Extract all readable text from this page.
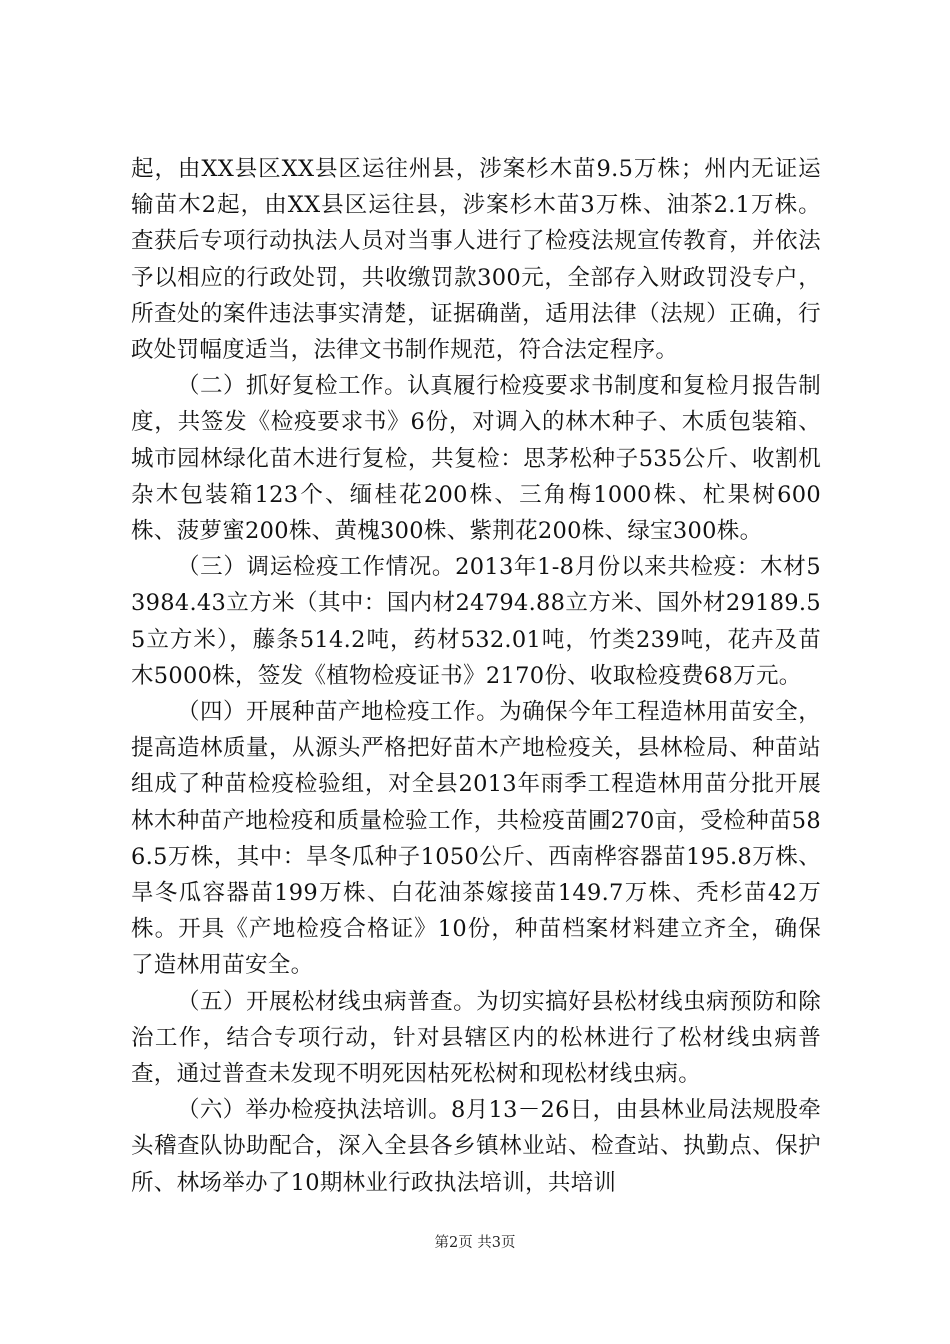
起，由XX县区XX县区运往州县，涉案杉木苗9.5万株；州内无证运输苗木2起，由XX县区运往县，涉案杉木苗3万株、油茶2.1万株。查获后专项行动执法人员对当事人进行了检疫法规宣传教育，并依法予以相应的行政处罚，共收缴罚款300元，全部存入财政罚没专户，所查处的案件违法事实清楚，证据确凿，适用法律（法规）正确，行政处罚幅度适当，法律文书制作规范，符合法定程序。

（二）抓好复检工作。认真履行检疫要求书制度和复检月报告制度，共签发《检疫要求书》6份，对调入的林木种子、木质包装箱、城市园林绿化苗木进行复检，共复检：思茅松种子535公斤、收割机杂木包装箱123个、缅桂花200株、三角梅1000株、杧果树600株、菠萝蜜200株、黄槐300株、紫荆花200株、绿宝300株。

（三）调运检疫工作情况。2013年1-8月份以来共检疫：木材53984.43立方米（其中：国内材24794.88立方米、国外材29189.55立方米），藤条514.2吨，药材532.01吨，竹类239吨，花卉及苗木5000株，签发《植物检疫证书》2170份、收取检疫费68万元。

（四）开展种苗产地检疫工作。为确保今年工程造林用苗安全，提高造林质量，从源头严格把好苗木产地检疫关，县林检局、种苗站组成了种苗检疫检验组，对全县2013年雨季工程造林用苗分批开展林木种苗产地检疫和质量检验工作，共检疫苗圃270亩，受检种苗586.5万株，其中：旱冬瓜种子1050公斤、西南桦容器苗195.8万株、旱冬瓜容器苗199万株、白花油茶嫁接苗149.7万株、秃杉苗42万株。开具《产地检疫合格证》10份，种苗档案材料建立齐全，确保了造林用苗安全。

（五）开展松材线虫病普查。为切实搞好县松材线虫病预防和除治工作，结合专项行动，针对县辖区内的松林进行了松材线虫病普查，通过普查未发现不明死因枯死松树和现松材线虫病。

（六）举办检疫执法培训。8月13－26日，由县林业局法规股牵头稽查队协助配合，深入全县各乡镇林业站、检查站、执勤点、保护所、林场举办了10期林业行政执法培训，共培训

第2页 共3页
